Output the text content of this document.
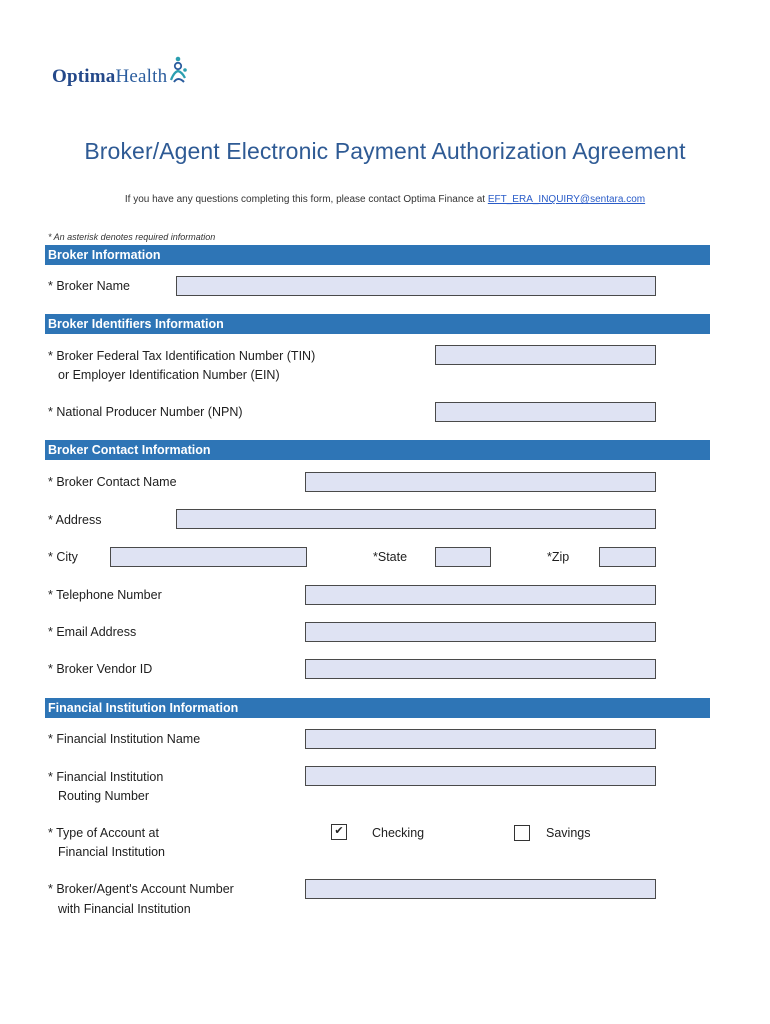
OptimaHealth
Broker/Agent Electronic Payment Authorization Agreement
If you have any questions completing this form, please contact Optima Finance at EFT_ERA_INQUIRY@sentara.com
* An asterisk denotes required information
Broker Information
* Broker Name
Broker Identifiers Information
* Broker Federal Tax Identification Number (TIN)
or Employer Identification Number (EIN)
* National Producer Number (NPN)
Broker Contact Information
* Broker Contact Name
* Address
* City	*State	*Zip
* Telephone Number
* Email Address
* Broker Vendor ID
Financial Institution Information
* Financial Institution Name
* Financial Institution
Routing Number
* Type of Account at
Financial Institution
✔ Checking	Savings
* Broker/Agent's Account Number
with Financial Institution
